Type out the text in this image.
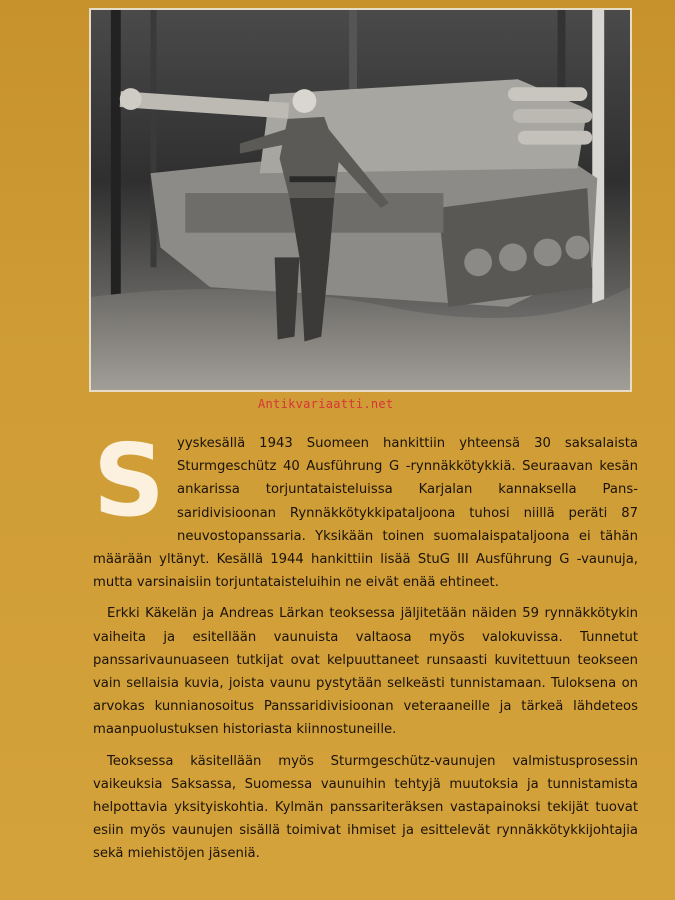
Antikvariaatti.net
S yyskesällä 1943 Suomeen hankittiin yhteensä 30 saksalaista Sturmgeschütz 40 Ausführung G -rynnäkkötykkiä. Seuraavan kesän ankarissa torjuntataisteluissa Karjalan kannaksella Panssaridivisioonan Rynnäkkötykkipataljoona tuhosi niillä peräti 87 neuvostopanssaria. Yksikään toinen suomalaispataljoona ei tähän määrään yltänyt. Kesällä 1944 hankittiin lisää StuG III Ausführung G -vaunuja, mutta varsinaisiin torjuntataisteluihin ne eivät enää ehtineet.

Erkki Käkelän ja Andreas Lärkan teoksessa jäljitetään näiden 59 rynnäkkötykin vaiheita ja esitellään vaunuista valtaosa myös valokuvissa. Tunnetut panssarivaunuaseen tutkijat ovat kelpuuttaneet runsaasti kuvitettuun teokseen vain sellaisia kuvia, joista vaunu pystytään selkeästi tunnistamaan. Tuloksena on arvokas kunnianosoitus Panssaridivisioonan veteraaneille ja tärkeä lähdeteos maanpuolustuksen historiasta kiinnostuneille.

Teoksessa käsitellään myös Sturmgeschütz-vaunujen valmistusprosessin vaikeuksia Saksassa, Suomessa vaunuihin tehtyjä muutoksia ja tunnistamista helpottavia yksityiskohtia. Kylmän panssariteräksen vastapainoksi tekijät tuovat esiin myös vaunujen sisällä toimivat ihmiset ja esittelevät rynnäkkötykkijohtajia sekä miehistöjen jäseniä.
